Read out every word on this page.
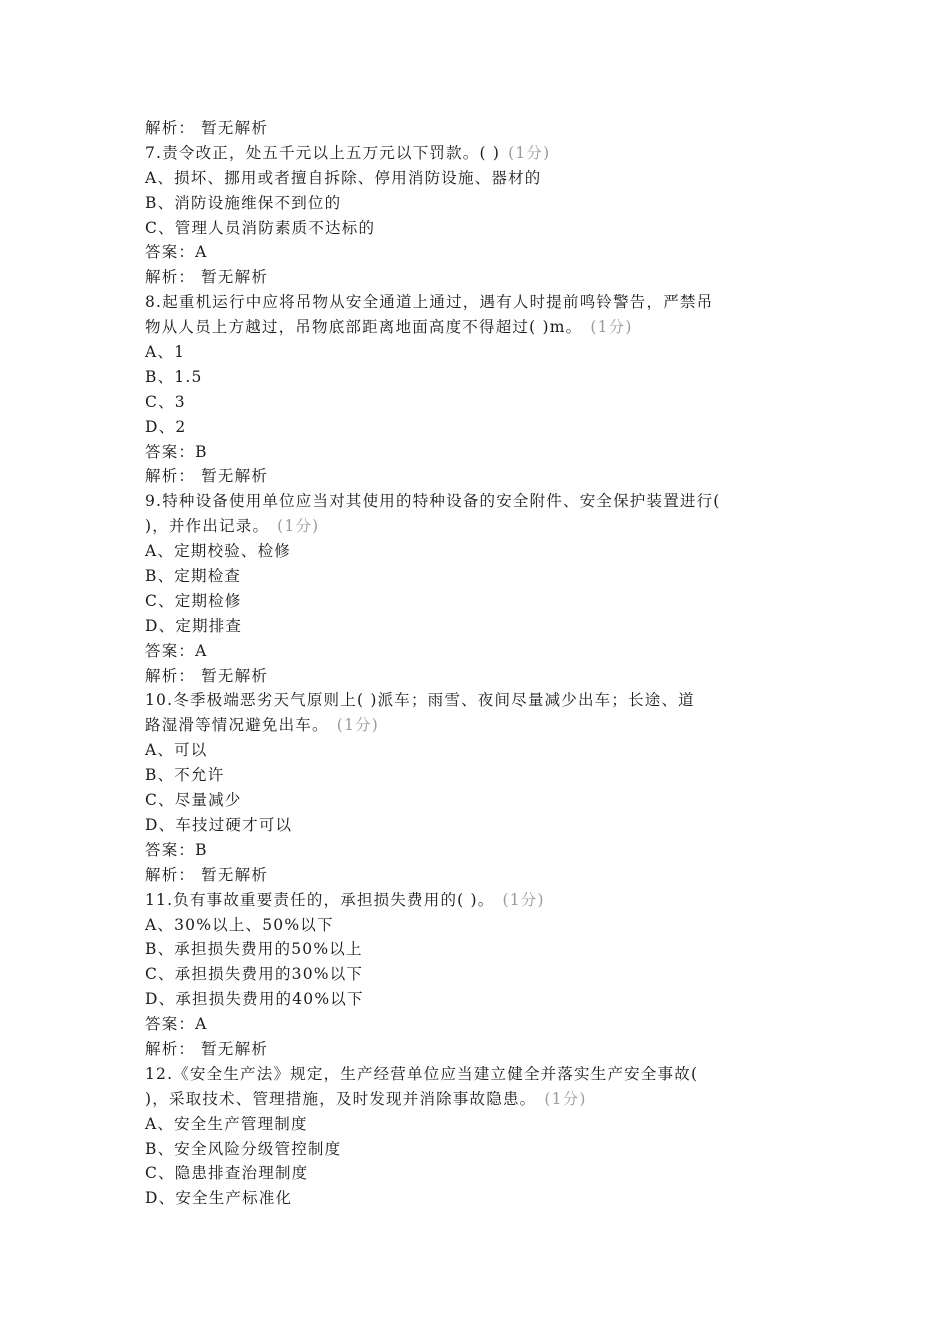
解析： 暂无解析
7.责令改正，处五千元以上五万元以下罚款。( ) (1分)
A、损坏、挪用或者擅自拆除、停用消防设施、器材的
B、消防设施维保不到位的
C、管理人员消防素质不达标的
答案：A
解析： 暂无解析
8.起重机运行中应将吊物从安全通道上通过，遇有人时提前鸣铃警告，严禁吊
物从人员上方越过，吊物底部距离地面高度不得超过( )m。 (1分)
A、1
B、1.5
C、3
D、2
答案：B
解析： 暂无解析
9.特种设备使用单位应当对其使用的特种设备的安全附件、安全保护装置进行(
)，并作出记录。 (1分)
A、定期校验、检修
B、定期检查
C、定期检修
D、定期排查
答案：A
解析： 暂无解析
10.冬季极端恶劣天气原则上( )派车；雨雪、夜间尽量减少出车；长途、道
路湿滑等情况避免出车。 (1分)
A、可以
B、不允许
C、尽量减少
D、车技过硬才可以
答案：B
解析： 暂无解析
11.负有事故重要责任的，承担损失费用的( )。 (1分)
A、30%以上、50%以下
B、承担损失费用的50%以上
C、承担损失费用的30%以下
D、承担损失费用的40%以下
答案：A
解析： 暂无解析
12.《安全生产法》规定，生产经营单位应当建立健全并落实生产安全事故(
)，采取技术、管理措施，及时发现并消除事故隐患。 (1分)
A、安全生产管理制度
B、安全风险分级管控制度
C、隐患排查治理制度
D、安全生产标准化
